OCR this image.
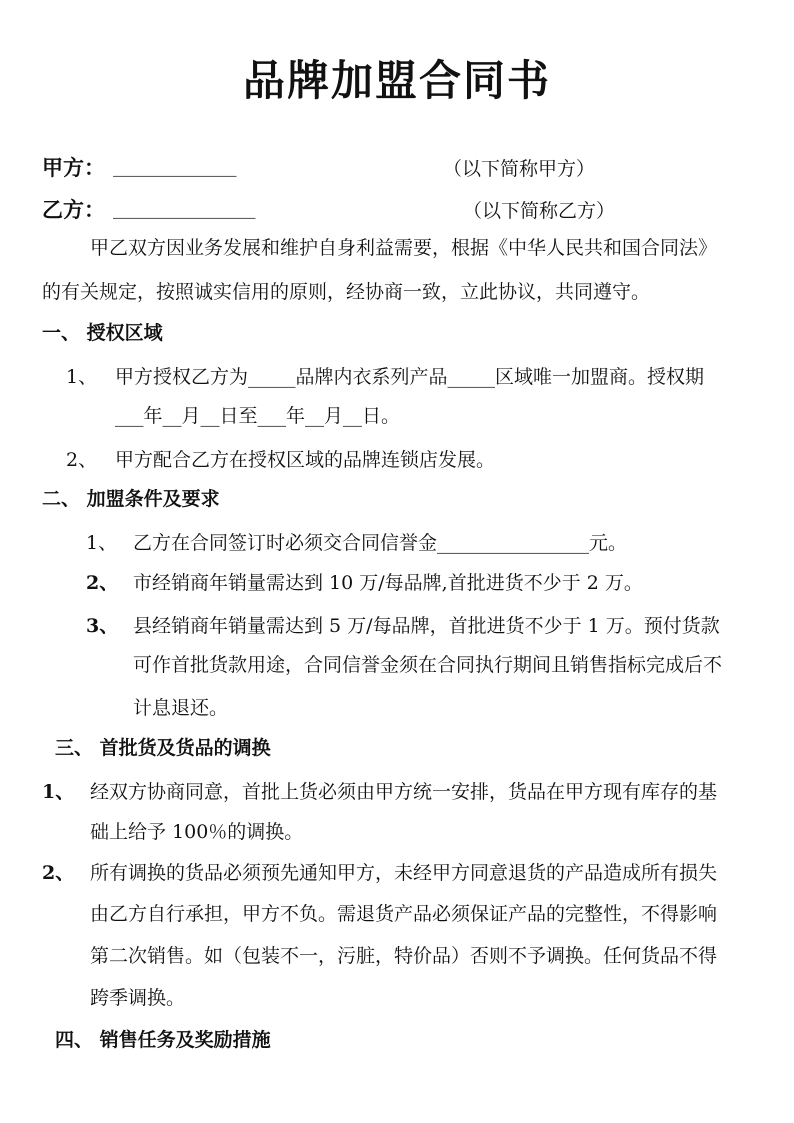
品牌加盟合同书
甲方： _____________	（以下简称甲方）
乙方： _______________	（以下简称乙方）
甲乙双方因业务发展和维护自身利益需要，根据《中华人民共和国合同法》
的有关规定，按照诚实信用的原则，经协商一致，立此协议，共同遵守。
一、 授权区域
1、 甲方授权乙方为_____品牌内衣系列产品_____区域唯一加盟商。授权期
___年__月__日至___年__月__日。
2、 甲方配合乙方在授权区域的品牌连锁店发展。
二、 加盟条件及要求
1、 乙方在合同签订时必须交合同信誉金________________元。
2、 市经销商年销量需达到 10 万/每品牌,首批进货不少于 2 万。
3、 县经销商年销量需达到 5 万/每品牌，首批进货不少于 1 万。预付货款
可作首批货款用途，合同信誉金须在合同执行期间且销售指标完成后不
计息退还。
三、 首批货及货品的调换
1、 经双方协商同意，首批上货必须由甲方统一安排，货品在甲方现有库存的基
础上给予 100％的调换。
2、 所有调换的货品必须预先通知甲方，未经甲方同意退货的产品造成所有损失
由乙方自行承担，甲方不负。需退货产品必须保证产品的完整性，不得影响
第二次销售。如（包装不一，污脏，特价品）否则不予调换。任何货品不得
跨季调换。
四、 销售任务及奖励措施
